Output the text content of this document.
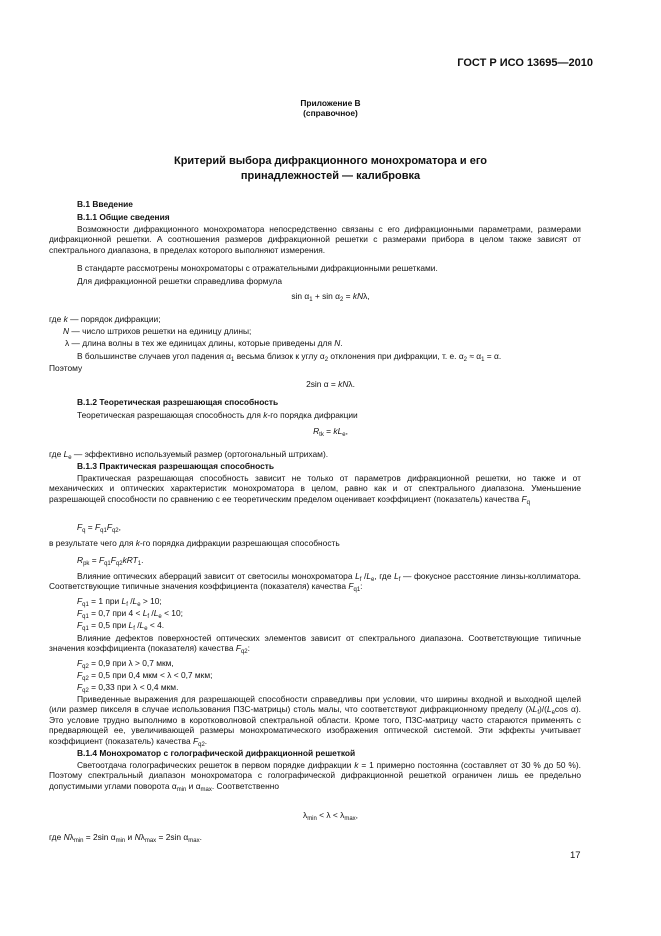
ГОСТ Р ИСО 13695—2010
Приложение В
(справочное)
Критерий выбора дифракционного монохроматора и его
принадлежностей — калибровка
В.1 Введение
В.1.1 Общие сведения
Возможности дифракционного монохроматора непосредственно связаны с его дифракционными параметрами, размерами дифракционной решетки. А соотношения размеров дифракционной решетки с размерами прибора в целом также зависят от спектрального диапазона, в пределах которого выполняют измерения.
В стандарте рассмотрены монохроматоры с отражательными дифракционными решетками.
Для дифракционной решетки справедлива формула
$\sin \alpha_1 + \sin \alpha_2 = kN\lambda$,
где k — порядок дифракции;
N — число штрихов решетки на единицу длины;
λ — длина волны в тех же единицах длины, которые приведены для N.
В большинстве случаев угол падения $\alpha_1$ весьма близок к углу $\alpha_2$ отклонения при дифракции, т. е. $\alpha_2 \approx \alpha_1 = \alpha$.
Поэтому
2sin α = kNλ.
В.1.2 Теоретическая разрешающая способность
Теоретическая разрешающая способность для k-го порядка дифракции
$R_{tk} = kL_e$,
где $L_e$ — эффективно используемый размер (ортогональный штрихам).
В.1.3 Практическая разрешающая способность
Практическая разрешающая способность зависит не только от параметров дифракционной решетки, но также и от механических и оптических характеристик монохроматора в целом, равно как и от спектрального диапазона. Уменьшение разрешающей способности по сравнению с ее теоретическим пределом оценивает коэффициент (показатель) качества $F_q$
$F_q = F_{q1}F_{q2}$,
в результате чего для k-го порядка дифракции разрешающая способность
$R_{pk} = F_{q1}F_{q2}kRT_1$.
Влияние оптических аберраций зависит от светосилы монохроматора $L_f$ $/L_e$, где $L_f$ — фокусное расстояние линзы-коллиматора. Соответствующие типичные значения коэффициента (показателя) качества $F_{q1}$:
$F_{q1} = 1$ при $L_f$ $/L_e > 10$;
$F_{q1} = 0,7$ при $4 < L_f$ $/L_e < 10$;
$F_{q1} = 0,5$ при $L_f$ $/L_e < 4$.
Влияние дефектов поверхностей оптических элементов зависит от спектрального диапазона. Соответствующие типичные значения коэффициента (показателя) качества $F_{q2}$:
$F_{q2} = 0,9$ при λ > 0,7 мкм,
$F_{q2} = 0,5$ при 0,4 мкм < λ < 0,7 мкм;
$F_{q2} = 0,33$ при λ < 0,4 мкм.
Приведенные выражения для разрешающей способности справедливы при условии, что ширины входной и выходной щелей (или размер пикселя в случае использования ПЗС-матрицы) столь малы, что соответствуют дифракционному пределу $(\lambda L_f)/(L_e\cos$ α). Это условие трудно выполнимо в коротковолновой спектральной области. Кроме того, ПЗС-матрицу часто стараются применять с предваряющей ее, увеличивающей размеры монохроматического изображения оптической системой. Эти эффекты учитывает коэффициент (показатель) качества $F_{q2}$.
В.1.4 Монохроматор с голографической дифракционной решеткой
Светоотдача голографических решеток в первом порядке дифракции k = 1 примерно постоянна (составляет от 30 % до 50 %). Поэтому спектральный диапазон монохроматора с голографической дифракционной решеткой ограничен лишь ее предельно допустимыми углами поворота $\alpha_{min}$ и $\alpha_{max}$. Соответственно
$\lambda_{min} < \lambda < \lambda_{max}$,
где $N\lambda_{min} = 2\sin$ $\alpha_{min}$ и $N\lambda_{max} = 2\sin$ $\alpha_{max}$.
17
